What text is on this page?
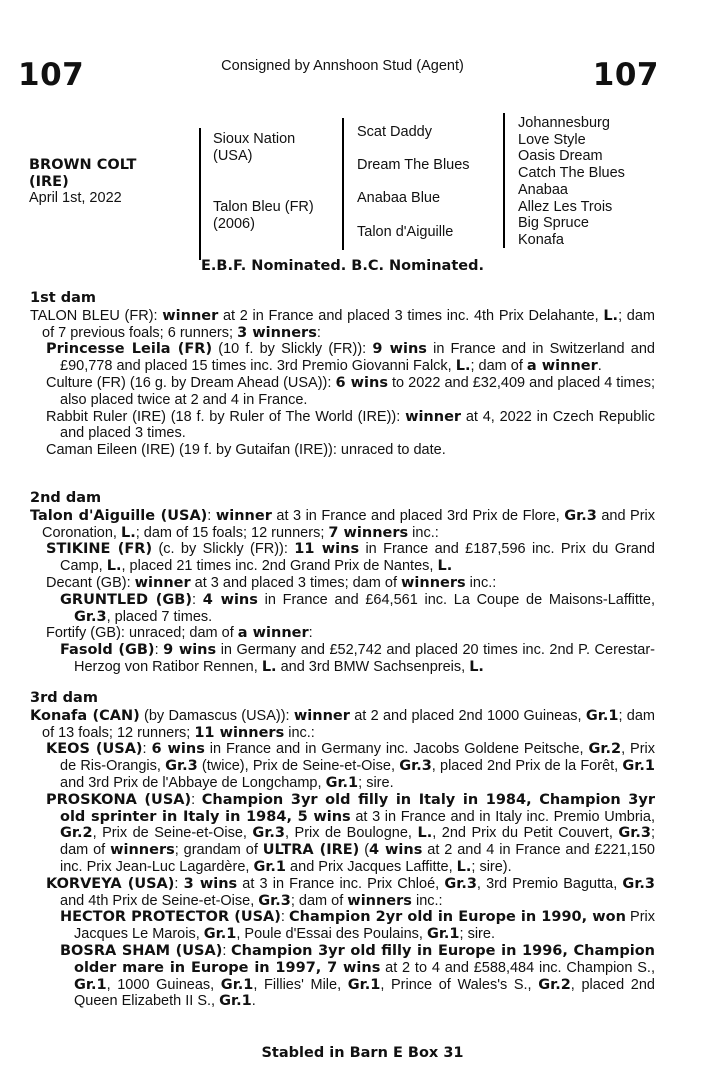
107	Consigned by Annshoon Stud (Agent)	107
BROWN COLT
(IRE)
April 1st, 2022
Sioux Nation
(USA)
Talon Bleu (FR)
(2006)
Scat Daddy
Dream The Blues
Anabaa Blue
Talon d'Aiguille
Johannesburg
Love Style
Oasis Dream
Catch The Blues
Anabaa
Allez Les Trois
Big Spruce
Konafa
E.B.F. Nominated. B.C. Nominated.
1st dam

TALON BLEU (FR): winner at 2 in France and placed 3 times inc. 4th Prix Delahante, L.; dam of 7 previous foals; 6 runners; 3 winners:

Princesse Leila (FR) (10 f. by Slickly (FR)): 9 wins in France and in Switzerland and £90,778 and placed 15 times inc. 3rd Premio Giovanni Falck, L.; dam of a winner.

Culture (FR) (16 g. by Dream Ahead (USA)): 6 wins to 2022 and £32,409 and placed 4 times; also placed twice at 2 and 4 in France.

Rabbit Ruler (IRE) (18 f. by Ruler of The World (IRE)): winner at 4, 2022 in Czech Republic and placed 3 times.

Caman Eileen (IRE) (19 f. by Gutaifan (IRE)): unraced to date.

2nd dam

Talon d'Aiguille (USA): winner at 3 in France and placed 3rd Prix de Flore, Gr.3 and Prix Coronation, L.; dam of 15 foals; 12 runners; 7 winners inc.:

STIKINE (FR) (c. by Slickly (FR)): 11 wins in France and £187,596 inc. Prix du Grand Camp, L., placed 21 times inc. 2nd Grand Prix de Nantes, L.

Decant (GB): winner at 3 and placed 3 times; dam of winners inc.:

GRUNTLED (GB): 4 wins in France and £64,561 inc. La Coupe de Maisons-Laffitte, Gr.3, placed 7 times.

Fortify (GB): unraced; dam of a winner:

Fasold (GB): 9 wins in Germany and £52,742 and placed 20 times inc. 2nd P. Cerestar- Herzog von Ratibor Rennen, L. and 3rd BMW Sachsenpreis, L.

3rd dam

Konafa (CAN) (by Damascus (USA)): winner at 2 and placed 2nd 1000 Guineas, Gr.1; dam of 13 foals; 12 runners; 11 winners inc.:

KEOS (USA): 6 wins in France and in Germany inc. Jacobs Goldene Peitsche, Gr.2, Prix de Ris-Orangis, Gr.3 (twice), Prix de Seine-et-Oise, Gr.3, placed 2nd Prix de la Forêt, Gr.1 and 3rd Prix de l'Abbaye de Longchamp, Gr.1; sire.

PROSKONA (USA): Champion 3yr old filly in Italy in 1984, Champion 3yr old sprinter in Italy in 1984, 5 wins at 3 in France and in Italy inc. Premio Umbria, Gr.2, Prix de Seine-et-Oise, Gr.3, Prix de Boulogne, L., 2nd Prix du Petit Couvert, Gr.3; dam of winners; grandam of ULTRA (IRE) (4 wins at 2 and 4 in France and £221,150 inc. Prix Jean-Luc Lagardère, Gr.1 and Prix Jacques Laffitte, L.; sire).

KORVEYA (USA): 3 wins at 3 in France inc. Prix Chloé, Gr.3, 3rd Premio Bagutta, Gr.3 and 4th Prix de Seine-et-Oise, Gr.3; dam of winners inc.:

HECTOR PROTECTOR (USA): Champion 2yr old in Europe in 1990, won Prix Jacques Le Marois, Gr.1, Poule d'Essai des Poulains, Gr.1; sire.

BOSRA SHAM (USA): Champion 3yr old filly in Europe in 1996, Champion older mare in Europe in 1997, 7 wins at 2 to 4 and £588,484 inc. Champion S., Gr.1, 1000 Guineas, Gr.1, Fillies' Mile, Gr.1, Prince of Wales's S., Gr.2, placed 2nd Queen Elizabeth II S., Gr.1.

Stabled in Barn E Box 31
